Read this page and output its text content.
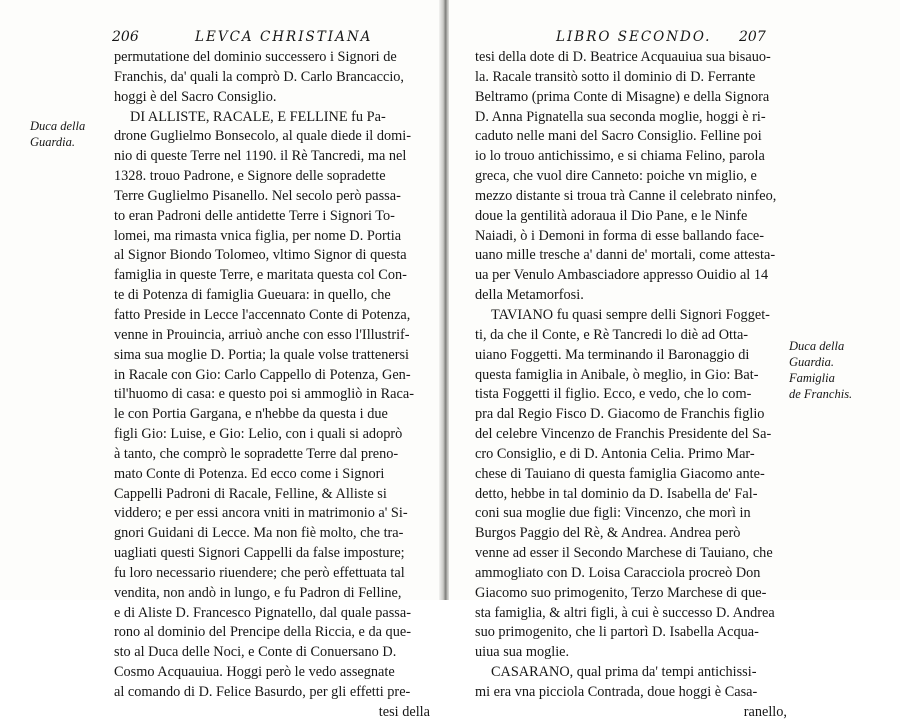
206	LEVCA CHRISTIANA
Duca della
Guardia.
permutatione del dominio successero i Signori de
Franchis, da' quali la comprò D. Carlo Brancaccio,
hoggi è del Sacro Consiglio.
DI ALLISTE, RACALE, E FELLINE fu Pa-
drone Guglielmo Bonsecolo, al quale diede il domi-
nio di queste Terre nel 1190. il Rè Tancredi, ma nel
1328. trouo Padrone, e Signore delle sopradette
Terre Guglielmo Pisanello. Nel secolo però passa-
to eran Padroni delle antidette Terre i Signori To-
lomei, ma rimasta vnica figlia, per nome D. Portia
al Signor Biondo Tolomeo, vltimo Signor di questa
famiglia in queste Terre, e maritata questa col Con-
te di Potenza di famiglia Gueuara: in quello, che
fatto Preside in Lecce l'accennato Conte di Potenza,
venne in Prouincia, arriuò anche con esso l'Illustrif-
sima sua moglie D. Portia; la quale volse trattenersi
in Racale con Gio: Carlo Cappello di Potenza, Gen-
til'huomo di casa: e questo poi si ammogliò in Raca-
le con Portia Gargana, e n'hebbe da questa i due
figli Gio: Luise, e Gio: Lelio, con i quali si adoprò
à tanto, che comprò le sopradette Terre dal preno-
mato Conte di Potenza. Ed ecco come i Signori
Cappelli Padroni di Racale, Felline, & Alliste si
viddero; e per essi ancora vniti in matrimonio a' Si-
gnori Guidani di Lecce. Ma non fiè molto, che tra-
uagliati questi Signori Cappelli da false imposture;
fu loro necessario riuendere; che però effettuata tal
vendita, non andò in lungo, e fu Padron di Felline,
e di Aliste D. Francesco Pignatello, dal quale passa-
rono al dominio del Prencipe della Riccia, e da que-
sto al Duca delle Noci, e Conte di Conuersano D.
Cosmo Acquauiua. Hoggi però le vedo assegnate
al comando di D. Felice Basurdo, per gli effetti pre-
tesi della
LIBRO SECONDO. 207
tesi della dote di D. Beatrice Acquauiua sua bisauo-
la. Racale transitò sotto il dominio di D. Ferrante
Beltramo (prima Conte di Misagne) e della Signora
D. Anna Pignatella sua seconda moglie, hoggi è ri-
caduto nelle mani del Sacro Consiglio. Felline poi
io lo trouo antichissimo, e si chiama Felino, parola
greca, che vuol dire Canneto: poiche vn miglio, e
mezzo distante si troua trà Canne il celebrato ninfeo,
doue la gentilità adoraua il Dio Pane, e le Ninfe
Naiadi, ò i Demoni in forma di esse ballando face-
uano mille tresche a' danni de' mortali, come attesta-
ua per Venulo Ambasciadore appresso Ouidio al 14
della Metamorfosi.
TAVIANO fu quasi sempre delli Signori Fogget-
ti, da che il Conte, e Rè Tancredi lo diè ad Otta-
uiano Foggetti. Ma terminando il Baronaggio di
questa famiglia in Anibale, ò meglio, in Gio: Bat-
tista Foggetti il figlio. Ecco, e vedo, che lo com-
pra dal Regio Fisco D. Giacomo de Franchis figlio
del celebre Vincenzo de Franchis Presidente del Sa-
cro Consiglio, e di D. Antonia Celia. Primo Mar-
chese di Tauiano di questa famiglia Giacomo ante-
detto, hebbe in tal dominio da D. Isabella de' Fal-
coni sua moglie due figli: Vincenzo, che morì in
Burgos Paggio del Rè, & Andrea. Andrea però
venne ad esser il Secondo Marchese di Tauiano, che
ammogliato con D. Loisa Caracciola procreò Don
Giacomo suo primogenito, Terzo Marchese di que-
sta famiglia, & altri figli, à cui è successo D. Andrea
suo primogenito, che li partorì D. Isabella Acqua-
uiua sua moglie.
CASARANO, qual prima da' tempi antichissi-
mi era vna picciola Contrada, doue hoggi è Casa-
ranello,
Duca della
Guardia.
Famiglia
de Franchis.
